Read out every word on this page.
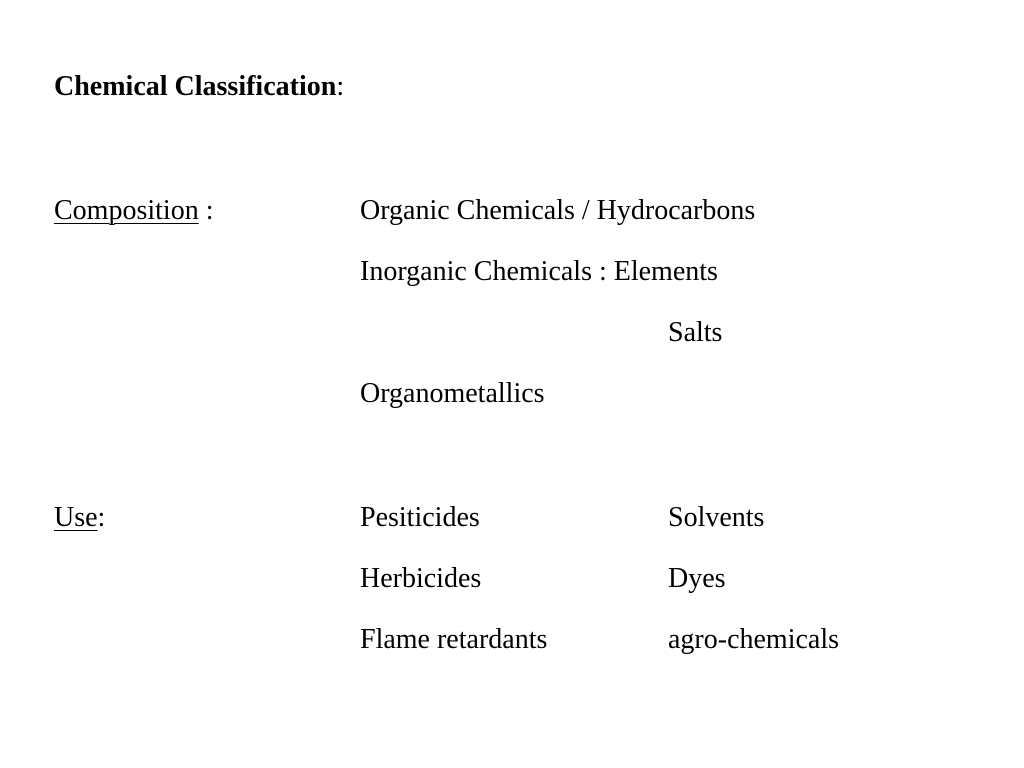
Chemical Classification:
Composition :	Organic Chemicals / Hydrocarbons
Inorganic Chemicals : Elements
Salts
Organometallics
Use:	Pesiticides
Herbicides
Flame retardants
Solvents
Dyes
agro-chemicals
